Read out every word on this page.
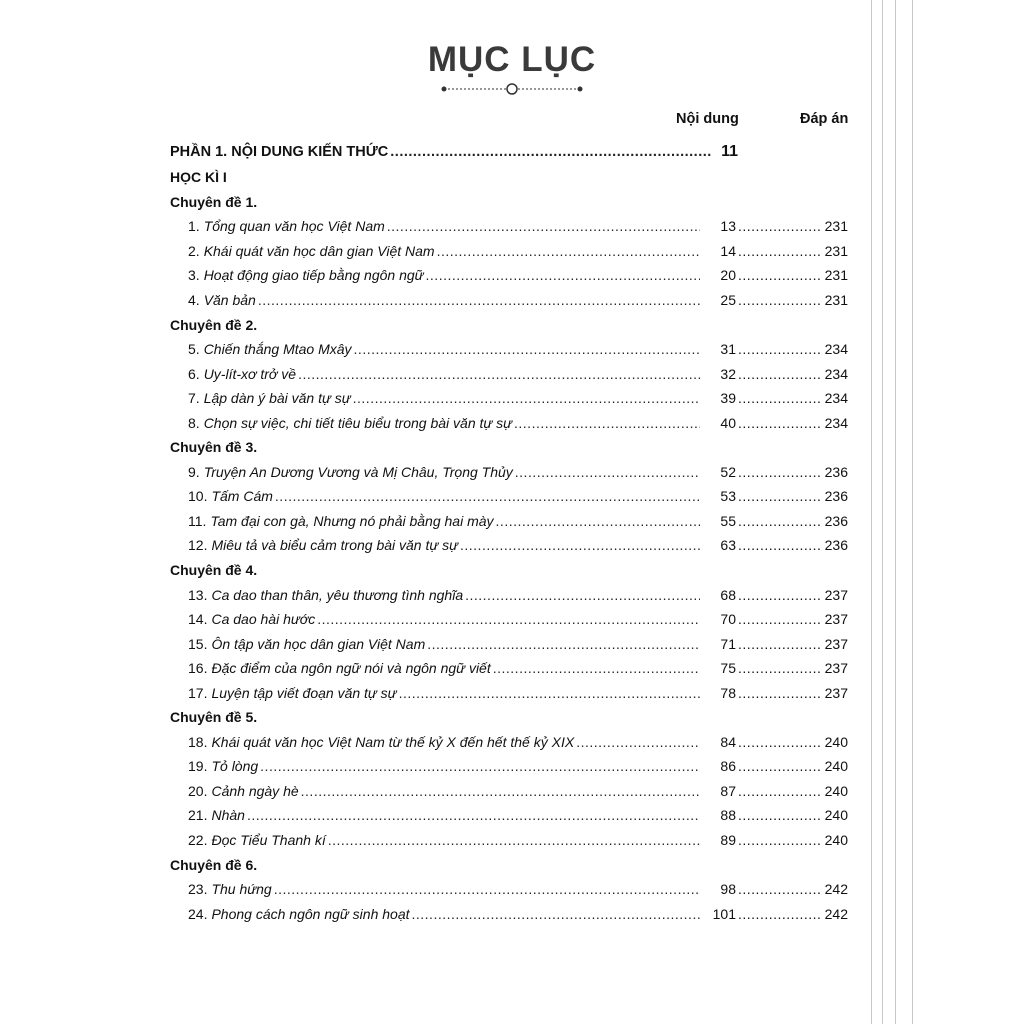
MỤC LỤC
Nội dung	Đáp án
PHẦN 1. NỘI DUNG KIẾN THỨC .....	11
HỌC KÌ I
Chuyên đề 1.
1. Tổng quan văn học Việt Nam .....	13 .....	231
2. Khái quát văn học dân gian Việt Nam .....	14 .....	231
3. Hoạt động giao tiếp bằng ngôn ngữ .....	20 .....	231
4. Văn bản .....	25 .....	231
Chuyên đề 2.
5. Chiến thắng Mtao Mxây .....	31 .....	234
6. Uy-lít-xơ trở về .....	32 .....	234
7. Lập dàn ý bài văn tự sự .....	39 .....	234
8. Chọn sự việc, chi tiết tiêu biểu trong bài văn tự sự .....	40 .....	234
Chuyên đề 3.
9. Truyện An Dương Vương và Mị Châu, Trọng Thủy .....	52 .....	236
10. Tấm Cám .....	53 .....	236
11. Tam đại con gà, Nhưng nó phải bằng hai mày .....	55 .....	236
12. Miêu tả và biểu cảm trong bài văn tự sự .....	63 .....	236
Chuyên đề 4.
13. Ca dao than thân, yêu thương tình nghĩa .....	68 .....	237
14. Ca dao hài hước .....	70 .....	237
15. Ôn tập văn học dân gian Việt Nam .....	71 .....	237
16. Đặc điểm của ngôn ngữ nói và ngôn ngữ viết .....	75 .....	237
17. Luyện tập viết đoạn văn tự sự .....	78 .....	237
Chuyên đề 5.
18. Khái quát văn học Việt Nam từ thế kỷ X đến hết thế kỷ XIX .....	84 .....	240
19. Tỏ lòng .....	86 .....	240
20. Cảnh ngày hè .....	87 .....	240
21. Nhàn .....	88 .....	240
22. Đọc Tiểu Thanh kí .....	89 .....	240
Chuyên đề 6.
23. Thu hứng .....	98 .....	242
24. Phong cách ngôn ngữ sinh hoạt .....	101 .....	242
